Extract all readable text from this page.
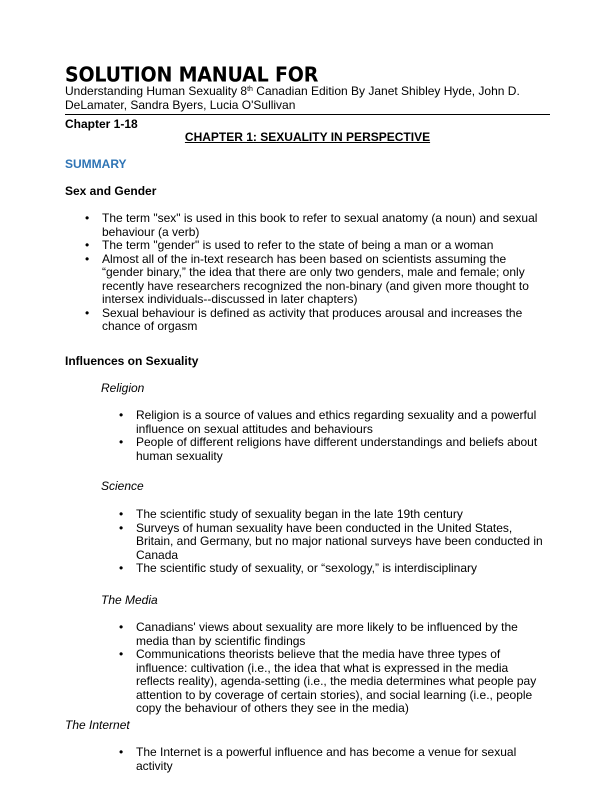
SOLUTION MANUAL FOR
Understanding Human Sexuality 8th Canadian Edition By Janet Shibley Hyde, John D. DeLamater, Sandra Byers, Lucia O'Sullivan
Chapter 1-18
CHAPTER 1: SEXUALITY IN PERSPECTIVE
SUMMARY
Sex and Gender
• The term "sex" is used in this book to refer to sexual anatomy (a noun) and sexual behaviour (a verb)
• The term "gender" is used to refer to the state of being a man or a woman
• Almost all of the in-text research has been based on scientists assuming the “gender binary,” the idea that there are only two genders, male and female; only recently have researchers recognized the non-binary (and given more thought to intersex individuals--discussed in later chapters)
• Sexual behaviour is defined as activity that produces arousal and increases the chance of orgasm
Influences on Sexuality
Religion
• Religion is a source of values and ethics regarding sexuality and a powerful influence on sexual attitudes and behaviours
• People of different religions have different understandings and beliefs about human sexuality
Science
• The scientific study of sexuality began in the late 19th century
• Surveys of human sexuality have been conducted in the United States, Britain, and Germany, but no major national surveys have been conducted in Canada
• The scientific study of sexuality, or “sexology,” is interdisciplinary
The Media
• Canadians' views about sexuality are more likely to be influenced by the media than by scientific findings
• Communications theorists believe that the media have three types of influence: cultivation (i.e., the idea that what is expressed in the media reflects reality), agenda-setting (i.e., the media determines what people pay attention to by coverage of certain stories), and social learning (i.e., people copy the behaviour of others they see in the media)
The Internet
• The Internet is a powerful influence and has become a venue for sexual activity
